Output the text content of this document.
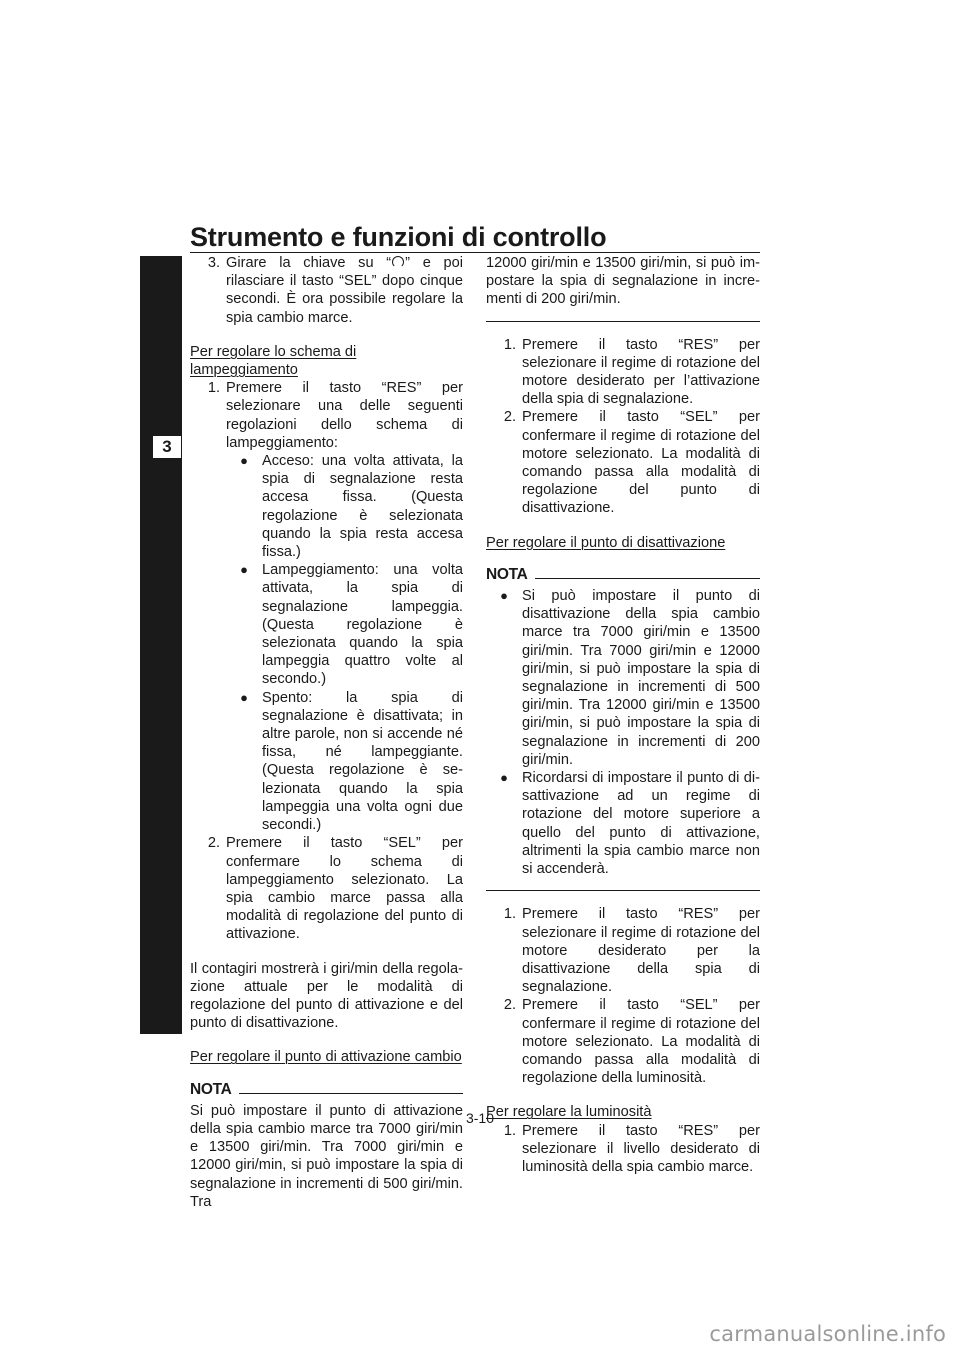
Strumento e funzioni di controllo
3
3. Girare la chiave su “ ” e poi rilasciare il tasto “SEL” dopo cinque secondi. È ora possibile regolare la spia cambio marce.
Per regolare lo schema di lampeggiamento
1. Premere il tasto “RES” per selezionare una delle seguenti regolazioni dello schema di lampeggiamento:
● Acceso: una volta attivata, la spia di segnalazione resta accesa fissa. (Questa regolazione è selezionata quando la spia resta accesa fissa.)
● Lampeggiamento: una volta attivata, la spia di segnalazione lampeggia. (Questa regolazione è selezionata quando la spia lampeggia quattro volte al secondo.)
● Spento: la spia di segnalazione è disattivata; in altre parole, non si accende né fissa, né lampeggiante. (Questa regolazione è selezionata quando la spia lampeggia una volta ogni due secondi.)
2. Premere il tasto “SEL” per confermare lo schema di lampeggiamento selezionato. La spia cambio marce passa alla modalità di regolazione del punto di attivazione.
Il contagiri mostrerà i giri/min della regolazione attuale per le modalità di regolazione del punto di attivazione e del punto di disattivazione.
Per regolare il punto di attivazione cambio
NOTA
Si può impostare il punto di attivazione della spia cambio marce tra 7000 giri/min e 13500 giri/min. Tra 7000 giri/min e 12000 giri/min, si può impostare la spia di segnalazione in incrementi di 500 giri/min. Tra
12000 giri/min e 13500 giri/min, si può impostare la spia di segnalazione in incrementi di 200 giri/min.
1. Premere il tasto “RES” per selezionare il regime di rotazione del motore desiderato per l’attivazione della spia di segnalazione.
2. Premere il tasto “SEL” per confermare il regime di rotazione del motore selezionato. La modalità di comando passa alla modalità di regolazione del punto di disattivazione.
Per regolare il punto di disattivazione
NOTA
● Si può impostare il punto di disattivazione della spia cambio marce tra 7000 giri/min e 13500 giri/min. Tra 7000 giri/min e 12000 giri/min, si può impostare la spia di segnalazione in incrementi di 500 giri/min. Tra 12000 giri/min e 13500 giri/min, si può impostare la spia di segnalazione in incrementi di 200 giri/min.
● Ricordarsi di impostare il punto di disattivazione ad un regime di rotazione del motore superiore a quello del punto di attivazione, altrimenti la spia cambio marce non si accenderà.
1. Premere il tasto “RES” per selezionare il regime di rotazione del motore desiderato per la disattivazione della spia di segnalazione.
2. Premere il tasto “SEL” per confermare il regime di rotazione del motore selezionato. La modalità di comando passa alla modalità di regolazione della luminosità.
Per regolare la luminosità
1. Premere il tasto “RES” per selezionare il livello desiderato di luminosità della spia cambio marce.
3-10
carmanualsonline.info
